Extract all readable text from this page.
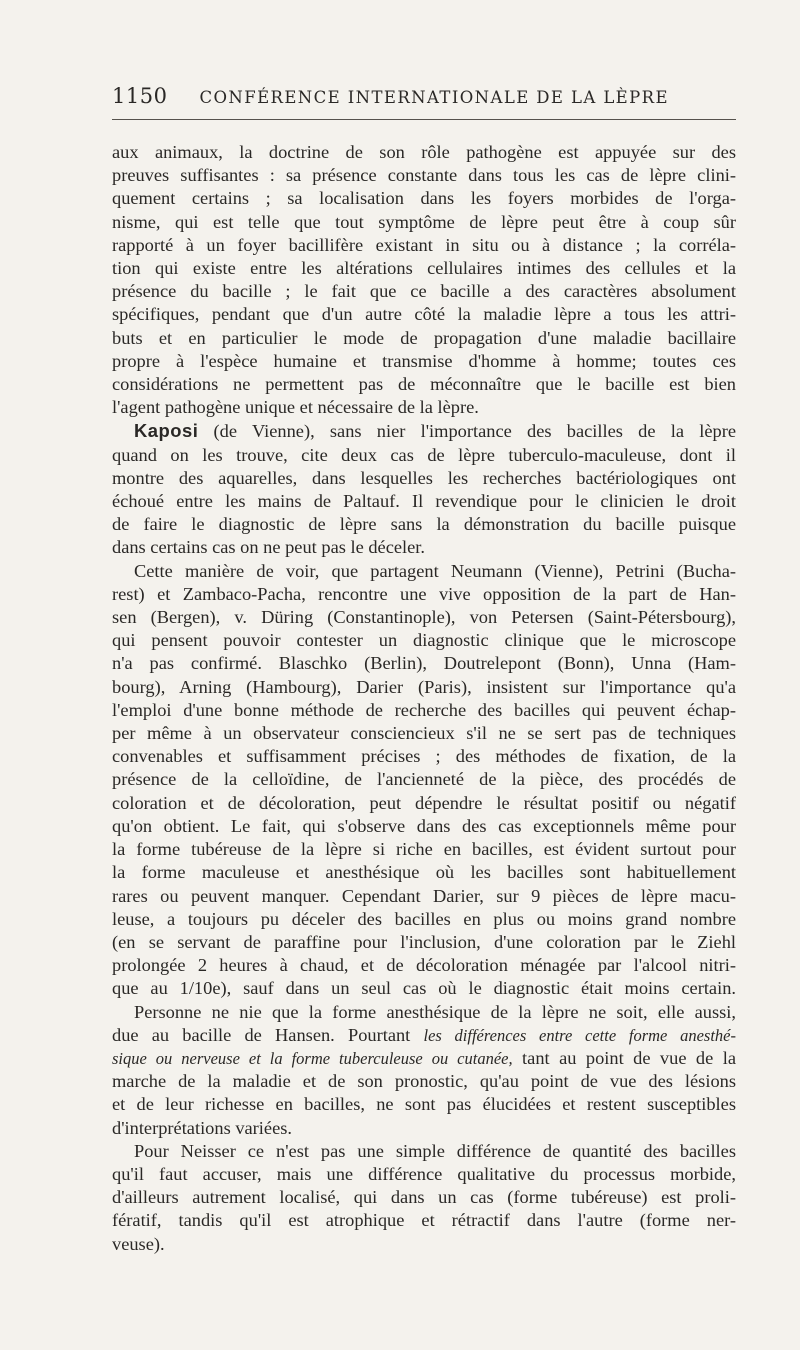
1150 CONFÉRENCE INTERNATIONALE DE LA LÈPRE

aux animaux, la doctrine de son rôle pathogène est appuyée sur des
preuves suffisantes : sa présence constante dans tous les cas de lèpre clini-
quement certains ; sa localisation dans les foyers morbides de l'orga-
nisme, qui est telle que tout symptôme de lèpre peut être à coup sûr
rapporté à un foyer bacillifère existant in situ ou à distance ; la corréla-
tion qui existe entre les altérations cellulaires intimes des cellules et la
présence du bacille ; le fait que ce bacille a des caractères absolument
spécifiques, pendant que d'un autre côté la maladie lèpre a tous les attri-
buts et en particulier le mode de propagation d'une maladie bacillaire
propre à l'espèce humaine et transmise d'homme à homme; toutes ces
considérations ne permettent pas de méconnaître que le bacille est bien
l'agent pathogène unique et nécessaire de la lèpre.

Kaposi (de Vienne), sans nier l'importance des bacilles de la lèpre
quand on les trouve, cite deux cas de lèpre tuberculo-maculeuse, dont il
montre des aquarelles, dans lesquelles les recherches bactériologiques ont
échoué entre les mains de Paltauf. Il revendique pour le clinicien le droit
de faire le diagnostic de lèpre sans la démonstration du bacille puisque
dans certains cas on ne peut pas le déceler.

Cette manière de voir, que partagent Neumann (Vienne), Petrini (Bucha-
rest) et Zambaco-Pacha, rencontre une vive opposition de la part de Han-
sen (Bergen), v. Düring (Constantinople), von Petersen (Saint-Pétersbourg),
qui pensent pouvoir contester un diagnostic clinique que le microscope
n'a pas confirmé. Blaschko (Berlin), Doutrelepont (Bonn), Unna (Ham-
bourg), Arning (Hambourg), Darier (Paris), insistent sur l'importance qu'a
l'emploi d'une bonne méthode de recherche des bacilles qui peuvent échap-
per même à un observateur consciencieux s'il ne se sert pas de techniques
convenables et suffisamment précises ; des méthodes de fixation, de la
présence de la celloïdine, de l'ancienneté de la pièce, des procédés de
coloration et de décoloration, peut dépendre le résultat positif ou négatif
qu'on obtient. Le fait, qui s'observe dans des cas exceptionnels même pour
la forme tubéreuse de la lèpre si riche en bacilles, est évident surtout pour
la forme maculeuse et anesthésique où les bacilles sont habituellement
rares ou peuvent manquer. Cependant Darier, sur 9 pièces de lèpre macu-
leuse, a toujours pu déceler des bacilles en plus ou moins grand nombre
(en se servant de paraffine pour l'inclusion, d'une coloration par le Ziehl
prolongée 2 heures à chaud, et de décoloration ménagée par l'alcool nitri-
que au 1/10e), sauf dans un seul cas où le diagnostic était moins certain.

Personne ne nie que la forme anesthésique de la lèpre ne soit, elle aussi,
due au bacille de Hansen. Pourtant les différences entre cette forme anesthé-
sique ou nerveuse et la forme tuberculeuse ou cutanée, tant au point de vue de la
marche de la maladie et de son pronostic, qu'au point de vue des lésions
et de leur richesse en bacilles, ne sont pas élucidées et restent susceptibles
d'interprétations variées.

Pour Neisser ce n'est pas une simple différence de quantité des bacilles
qu'il faut accuser, mais une différence qualitative du processus morbide,
d'ailleurs autrement localisé, qui dans un cas (forme tubéreuse) est proli-
fératif, tandis qu'il est atrophique et rétractif dans l'autre (forme ner-
veuse).
